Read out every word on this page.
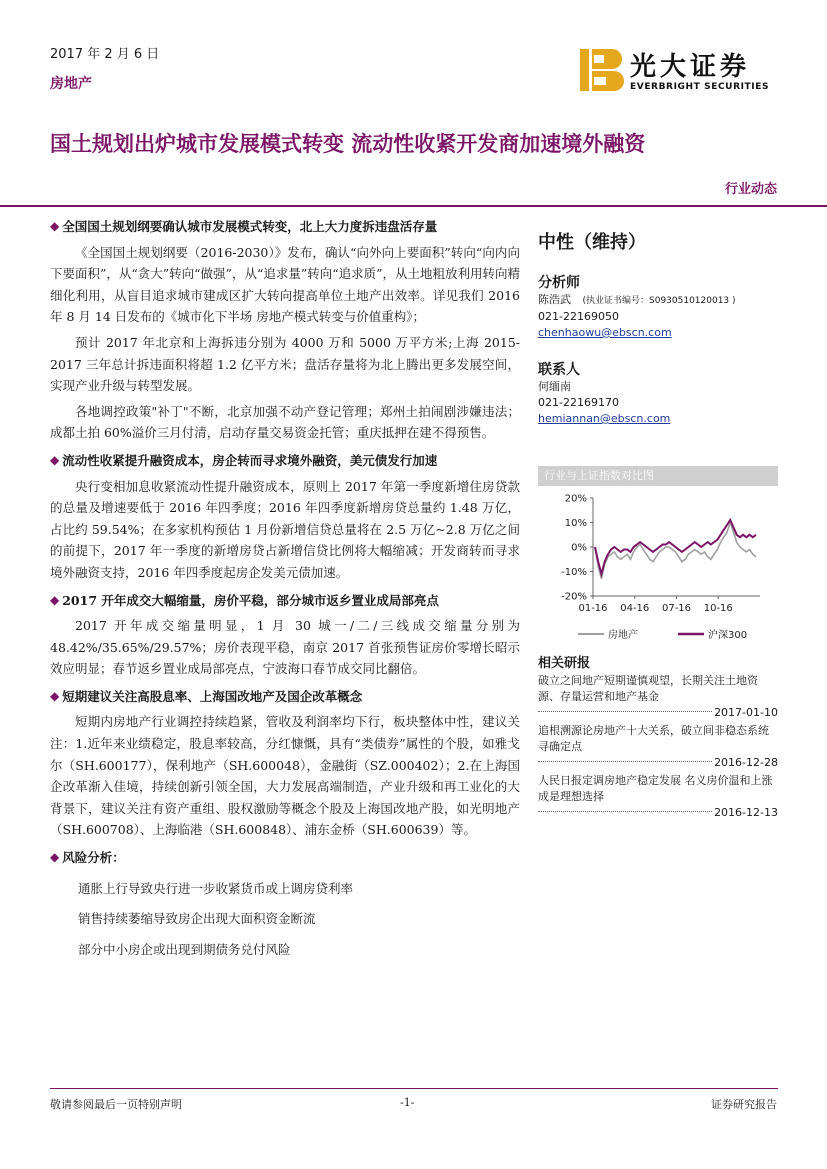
2017 年 2 月 6 日
房地产
光大证券
EVERBRIGHT SECURITIES
国土规划出炉城市发展模式转变 流动性收紧开发商加速境外融资
行业动态
◆ 全国国土规划纲要确认城市发展模式转变，北上大力度拆违盘活存量

《全国国土规划纲要（2016-2030）》发布，确认“向外向上要面积”转向“向内向下要面积”，从“贪大”转向“做强”，从“追求量”转向“追求质”，从土地粗放利用转向精细化利用，从盲目追求城市建成区扩大转向提高单位土地产出效率。详见我们 2016 年 8 月 14 日发布的《城市化下半场 房地产模式转变与价值重构》；

预计 2017 年北京和上海拆违分别为 4000 万和 5000 万平方米;上海 2015-2017 三年总计拆违面积将超 1.2 亿平方米；盘活存量将为北上腾出更多发展空间，实现产业升级与转型发展。

各地调控政策"补丁"不断，北京加强不动产登记管理；郑州土拍闹剧涉嫌违法；成都土拍 60%溢价三月付清，启动存量交易资金托管；重庆抵押在建不得预售。

◆ 流动性收紧提升融资成本，房企转而寻求境外融资，美元债发行加速

央行变相加息收紧流动性提升融资成本，原则上 2017 年第一季度新增住房贷款的总量及增速要低于 2016 年四季度；2016 年四季度新增房贷总量约 1.48 万亿，占比约 59.54%；在多家机构预估 1 月份新增信贷总量将在 2.5 万亿~2.8 万亿之间的前提下，2017 年一季度的新增房贷占新增信贷比例将大幅缩减；开发商转而寻求境外融资支持，2016 年四季度起房企发美元债加速。

◆ 2017 开年成交大幅缩量，房价平稳，部分城市返乡置业成局部亮点

2017 开年成交缩量明显，1 月 30 城一/二/三线成交缩量分别为 48.42%/35.65%/29.57%；房价表现平稳，南京 2017 首张预售证房价零增长昭示效应明显；春节返乡置业成局部亮点，宁波海口春节成交同比翻倍。

◆ 短期建议关注高股息率、上海国改地产及国企改革概念

短期内房地产行业调控持续趋紧，管收及利润率均下行，板块整体中性，建议关注：1.近年来业绩稳定，股息率较高，分红慷慨，具有“类债券”属性的个股，如雅戈尔（SH.600177），保利地产（SH.600048），金融街（SZ.000402）；2.在上海国企改革渐入佳境，持续创新引领全国，大力发展高端制造，产业升级和再工业化的大背景下，建议关注有资产重组、股权激励等概念个股及上海国改地产股，如光明地产（SH.600708）、上海临港（SH.600848）、浦东金桥（SH.600639）等。

◆ 风险分析：
通胀上行导致央行进一步收紧货币或上调房贷利率
销售持续萎缩导致房企出现大面积资金断流
部分中小房企或出现到期债务兑付风险
中性（维持）
分析师
陈浩武 (执业证书编号：S0930510120013 )
021-22169050
chenhaowu@ebscn.com
联系人
何缅南
021-22169170
hemiannan@ebscn.com
行业与上证指数对比图
20%
10%
0%
-10%
-20%
01-16 04-16 07-16 10-16
房地产	沪深300
相关研报
破立之间地产短期谨慎观望，长期关注土地资源、存量运营和地产基金
2017-01-10
追根溯源论房地产十大关系，破立间非稳态系统寻确定点
2016-12-28
人民日报定调房地产稳定发展 名义房价温和上涨成是理想选择
2016-12-13
敬请参阅最后一页特别声明	-1-	证券研究报告
